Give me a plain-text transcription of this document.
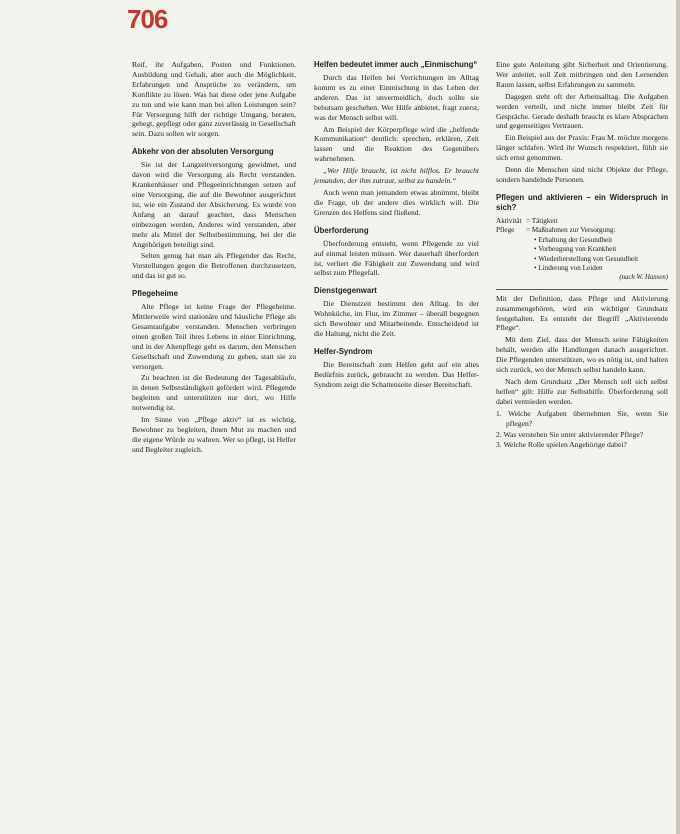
706

Reif, ihr Aufgaben, Posten und Funktionen. Ausbildung und Gehalt, aber auch die Möglichkeit, Erfahrungen und Ansprüche zu verändern, um Konflikte zu lösen. Was hat diese oder jene Aufgabe zu tun und wie kann man bei allen Leistungen sein? Für Versorgung hilft der richtige Umgang, beraten, gehegt, gepflegt oder ganz zuverlässig in Gesellschaft sein. Dazu sollen wir sorgen.

Abkehr von der absoluten Versorgung

Sie ist der Langzeitversorgung gewidmet, und davon wird die Versorgung als Recht verstanden. Krankenhäuser und Pflegeeinrichtungen setzen auf eine Versorgung, die auf die Bewohner ausgerichtet ist, wie ein Zustand der Absicherung. Es wurde von Anfang an darauf geachtet, dass Menschen einbezogen werden, Anderes wird verstanden, aber mehr als Mittel der Selbstbestimmung, bei der die Angehörigen beteiligt sind.

Selten genug hat man als Pflegender das Recht, Vorstellungen gegen die Betroffenen durchzusetzen, und das ist gut so.

Pflegeheime

Alte Pflege ist keine Frage der Pflegeheime. Mittlerweile wird stationäre und häusliche Pflege als Gesamtaufgabe verstanden. Menschen verbringen einen großen Teil ihres Lebens in einer Einrichtung, und in der Altenpflege geht es darum, den Menschen Gesellschaft und Zuwendung zu geben, statt sie zu versorgen.

Zu beachten ist die Bedeutung der Tagesabläufe, in denen Selbstständigkeit gefördert wird. Pflegende begleiten und unterstützen nur dort, wo Hilfe notwendig ist.

Im Sinne von „Pflege aktiv“ ist es wichtig, Bewohner zu begleiten, ihnen Mut zu machen und die eigene Würde zu wahren. Wer so pflegt, ist Helfer und Begleiter zugleich.

Helfen bedeutet immer auch „Einmischung“

Durch das Helfen bei Verrichtungen im Alltag kommt es zu einer Einmischung in das Leben der anderen. Das ist unvermeidlich, doch sollte sie behutsam geschehen. Wer Hilfe anbietet, fragt zuerst, was der Mensch selbst will.

Am Beispiel der Körperpflege wird die „helfende Kommunikation“ deutlich: sprechen, erklären, Zeit lassen und die Reaktion des Gegenübers wahrnehmen.

„Wer Hilfe braucht, ist nicht hilflos. Er braucht jemanden, der ihm zutraut, selbst zu handeln.“

Auch wenn man jemandem etwas abnimmt, bleibt die Frage, ob der andere dies wirklich will. Die Grenzen des Helfens sind fließend.

Überforderung

Überforderung entsteht, wenn Pflegende zu viel auf einmal leisten müssen. Wer dauerhaft überfordert ist, verliert die Fähigkeit zur Zuwendung und wird selbst zum Pflegefall.

Dienstgegenwart

Die Dienstzeit bestimmt den Alltag. In der Wohnküche, im Flur, im Zimmer – überall begegnen sich Bewohner und Mitarbeitende. Entscheidend ist die Haltung, nicht die Zeit.

Helfer-Syndrom

Die Bereitschaft zum Helfen geht auf ein altes Bedürfnis zurück, gebraucht zu werden. Das Helfer-Syndrom zeigt die Schattenseite dieser Bereitschaft.

Eine gute Anleitung gibt Sicherheit und Orientierung. Wer anleitet, soll Zeit mitbringen und den Lernenden Raum lassen, selbst Erfahrungen zu sammeln.

Dagegen steht oft der Arbeitsalltag. Die Aufgaben werden verteilt, und nicht immer bleibt Zeit für Gespräche. Gerade deshalb braucht es klare Absprachen und gegenseitiges Vertrauen.

Ein Beispiel aus der Praxis: Frau M. möchte morgens länger schlafen. Wird ihr Wunsch respektiert, fühlt sie sich ernst genommen.

Denn die Menschen sind nicht Objekte der Pflege, sondern handelnde Personen.

Pflegen und aktivieren – ein Widerspruch in sich?
Aktivität = Tätigkeit
Pflege	= Maßnahmen zur Versorgung:
• Erhaltung der Gesundheit
• Vorbeugung von Krankheit
• Wiederherstellung von Gesundheit
• Linderung von Leiden
(nach W. Hansen)

Mit der Definition, dass Pflege und Aktivierung zusammengehören, wird ein wichtiger Grundsatz festgehalten. Es entsteht der Begriff „Aktivierende Pflege“.

Mit dem Ziel, dass der Mensch seine Fähigkeiten behält, werden alle Handlungen danach ausgerichtet. Die Pflegenden unterstützen, wo es nötig ist, und halten sich zurück, wo der Mensch selbst handeln kann.

Nach dem Grundsatz „Der Mensch soll sich selbst helfen“ gilt: Hilfe zur Selbsthilfe. Überforderung soll dabei vermieden werden.

1. Welche Aufgaben übernehmen Sie, wenn Sie pflegen?
2. Was verstehen Sie unter aktivierender Pflege?
3. Welche Rolle spielen Angehörige dabei?
